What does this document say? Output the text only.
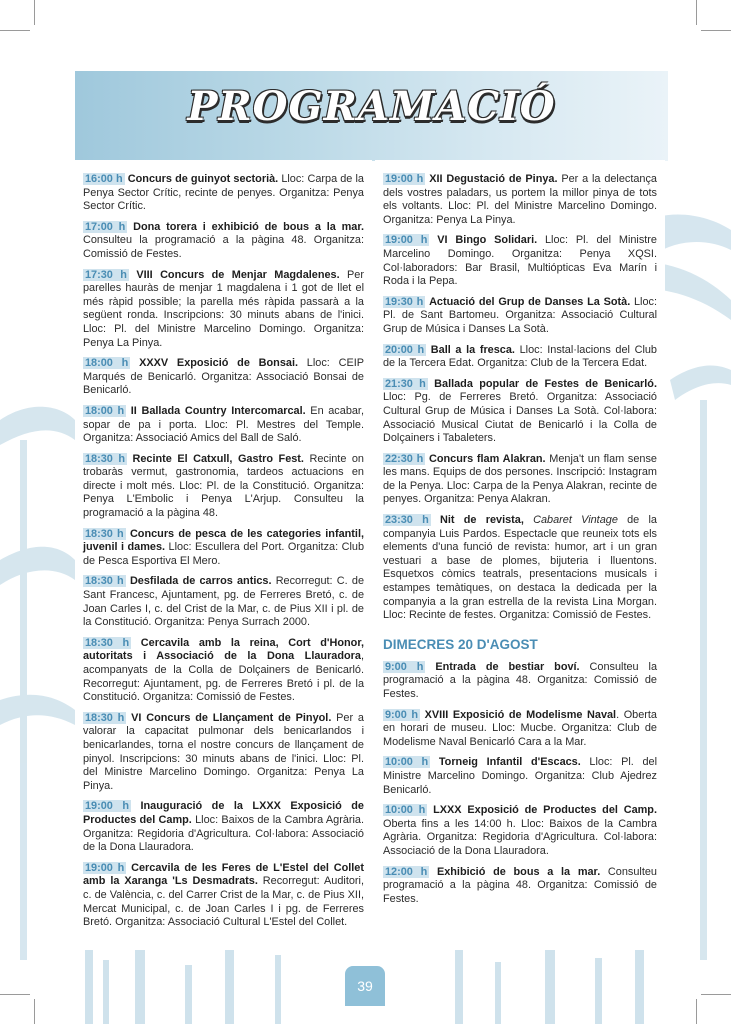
PROGRAMACIÓ

16:00 h Concurs de guinyot sectorià. Lloc: Carpa de la Penya Sector Crític, recinte de penyes. Organitza: Penya Sector Crític.

17:00 h Dona torera i exhibició de bous a la mar. Consulteu la programació a la pàgina 48. Organitza: Comissió de Festes.

17:30 h VIII Concurs de Menjar Magdalenes. Per parelles hauràs de menjar 1 magdalena i 1 got de llet el més ràpid possible; la parella més ràpida passarà a la següent ronda. Inscripcions: 30 minuts abans de l'inici. Lloc: Pl. del Ministre Marcelino Domingo. Organitza: Penya La Pinya.

18:00 h XXXV Exposició de Bonsai. Lloc: CEIP Marqués de Benicarló. Organitza: Associació Bonsai de Benicarló.

18:00 h II Ballada Country Intercomarcal. En acabar, sopar de pa i porta. Lloc: Pl. Mestres del Temple. Organitza: Associació Amics del Ball de Saló.

18:30 h Recinte El Catxull, Gastro Fest. Recinte on trobaràs vermut, gastronomia, tardeos actuacions en directe i molt més. Lloc: Pl. de la Constitució. Organitza: Penya L'Embolic i Penya L'Arjup. Consulteu la programació a la pàgina 48.

18:30 h Concurs de pesca de les categories infantil, juvenil i dames. Lloc: Escullera del Port. Organitza: Club de Pesca Esportiva El Mero.

18:30 h Desfilada de carros antics. Recorregut: C. de Sant Francesc, Ajuntament, pg. de Ferreres Bretó, c. de Joan Carles I, c. del Crist de la Mar, c. de Pius XII i pl. de la Constitució. Organitza: Penya Surrach 2000.

18:30 h Cercavila amb la reina, Cort d'Honor, autoritats i Associació de la Dona Llauradora, acompanyats de la Colla de Dolçainers de Benicarló. Recorregut: Ajuntament, pg. de Ferreres Bretó i pl. de la Constitució. Organitza: Comissió de Festes.

18:30 h VI Concurs de Llançament de Pinyol. Per a valorar la capacitat pulmonar dels benicarlandos i benicarlandes, torna el nostre concurs de llançament de pinyol. Inscripcions: 30 minuts abans de l'inici. Lloc: Pl. del Ministre Marcelino Domingo. Organitza: Penya La Pinya.

19:00 h Inauguració de la LXXX Exposició de Productes del Camp. Lloc: Baixos de la Cambra Agrària. Organitza: Regidoria d'Agricultura. Col·labora: Associació de la Dona Llauradora.

19:00 h Cercavila de les Feres de L'Estel del Collet amb la Xaranga 'Ls Desmadrats. Recorregut: Auditori, c. de València, c. del Carrer Crist de la Mar, c. de Pius XII, Mercat Municipal, c. de Joan Carles I i pg. de Ferreres Bretó. Organitza: Associació Cultural L'Estel del Collet.

19:00 h XII Degustació de Pinya. Per a la delectança dels vostres paladars, us portem la millor pinya de tots els voltants. Lloc: Pl. del Ministre Marcelino Domingo. Organitza: Penya La Pinya.

19:00 h VI Bingo Solidari. Lloc: Pl. del Ministre Marcelino Domingo. Organitza: Penya XQSI. Col·laboradors: Bar Brasil, Multiópticas Eva Marín i Roda i la Pepa.

19:30 h Actuació del Grup de Danses La Sotà. Lloc: Pl. de Sant Bartomeu. Organitza: Associació Cultural Grup de Música i Danses La Sotà.

20:00 h Ball a la fresca. Lloc: Instal·lacions del Club de la Tercera Edat. Organitza: Club de la Tercera Edat.

21:30 h Ballada popular de Festes de Benicarló. Lloc: Pg. de Ferreres Bretó. Organitza: Associació Cultural Grup de Música i Danses La Sotà. Col·labora: Associació Musical Ciutat de Benicarló i la Colla de Dolçainers i Tabaleters.

22:30 h Concurs flam Alakran. Menja't un flam sense les mans. Equips de dos persones. Inscripció: Instagram de la Penya. Lloc: Carpa de la Penya Alakran, recinte de penyes. Organitza: Penya Alakran.

23:30 h Nit de revista, Cabaret Vintage de la companyia Luis Pardos. Espectacle que reuneix tots els elements d'una funció de revista: humor, art i un gran vestuari a base de plomes, bijuteria i lluentons. Esquetxos còmics teatrals, presentacions musicals i estampes temàtiques, on destaca la dedicada per la companyia a la gran estrella de la revista Lina Morgan. Lloc: Recinte de festes. Organitza: Comissió de Festes.

DIMECRES 20 D'AGOST

9:00 h Entrada de bestiar boví. Consulteu la programació a la pàgina 48. Organitza: Comissió de Festes.

9:00 h XVIII Exposició de Modelisme Naval. Oberta en horari de museu. Lloc: Mucbe. Organitza: Club de Modelisme Naval Benicarló Cara a la Mar.

10:00 h Torneig Infantil d'Escacs. Lloc: Pl. del Ministre Marcelino Domingo. Organitza: Club Ajedrez Benicarló.

10:00 h LXXX Exposició de Productes del Camp. Oberta fins a les 14:00 h. Lloc: Baixos de la Cambra Agrària. Organitza: Regidoria d'Agricultura. Col·labora: Associació de la Dona Llauradora.

12:00 h Exhibició de bous a la mar. Consulteu programació a la pàgina 48. Organitza: Comissió de Festes.

39
